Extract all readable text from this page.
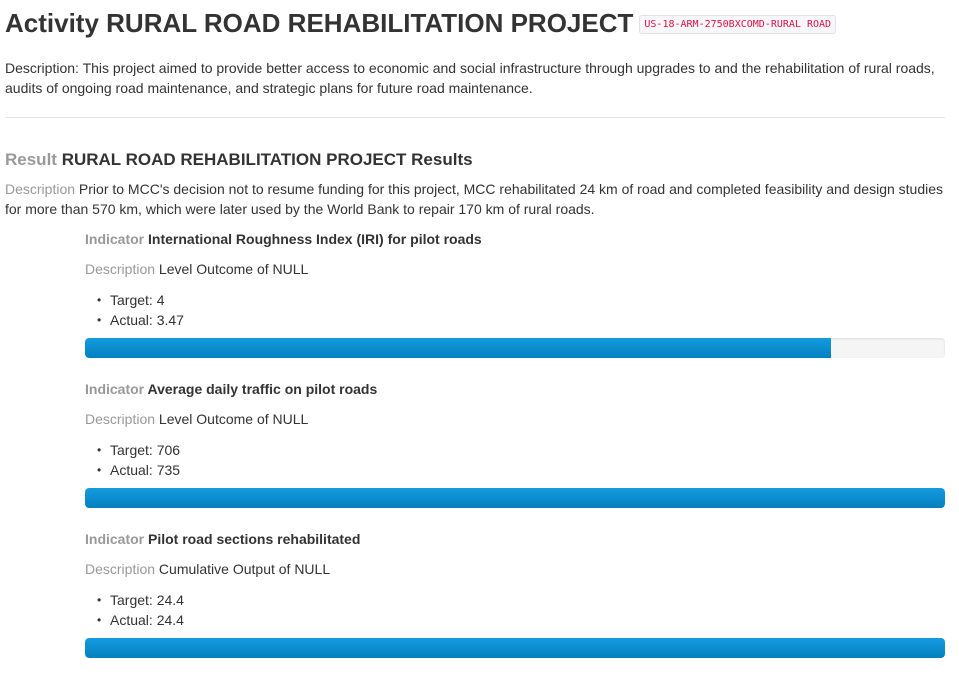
Activity RURAL ROAD REHABILITATION PROJECT	US-18-ARM-2750BXCOMD-RURAL ROAD
Description: This project aimed to provide better access to economic and social infrastructure through upgrades to and the rehabilitation of rural roads, audits of ongoing road maintenance, and strategic plans for future road maintenance.
Result RURAL ROAD REHABILITATION PROJECT Results
Description Prior to MCC's decision not to resume funding for this project, MCC rehabilitated 24 km of road and completed feasibility and design studies for more than 570 km, which were later used by the World Bank to repair 170 km of rural roads.
Indicator International Roughness Index (IRI) for pilot roads
Description Level Outcome of NULL
• Target: 4
• Actual: 3.47
Indicator Average daily traffic on pilot roads
Description Level Outcome of NULL
• Target: 706
• Actual: 735
Indicator Pilot road sections rehabilitated
Description Cumulative Output of NULL
• Target: 24.4
• Actual: 24.4
